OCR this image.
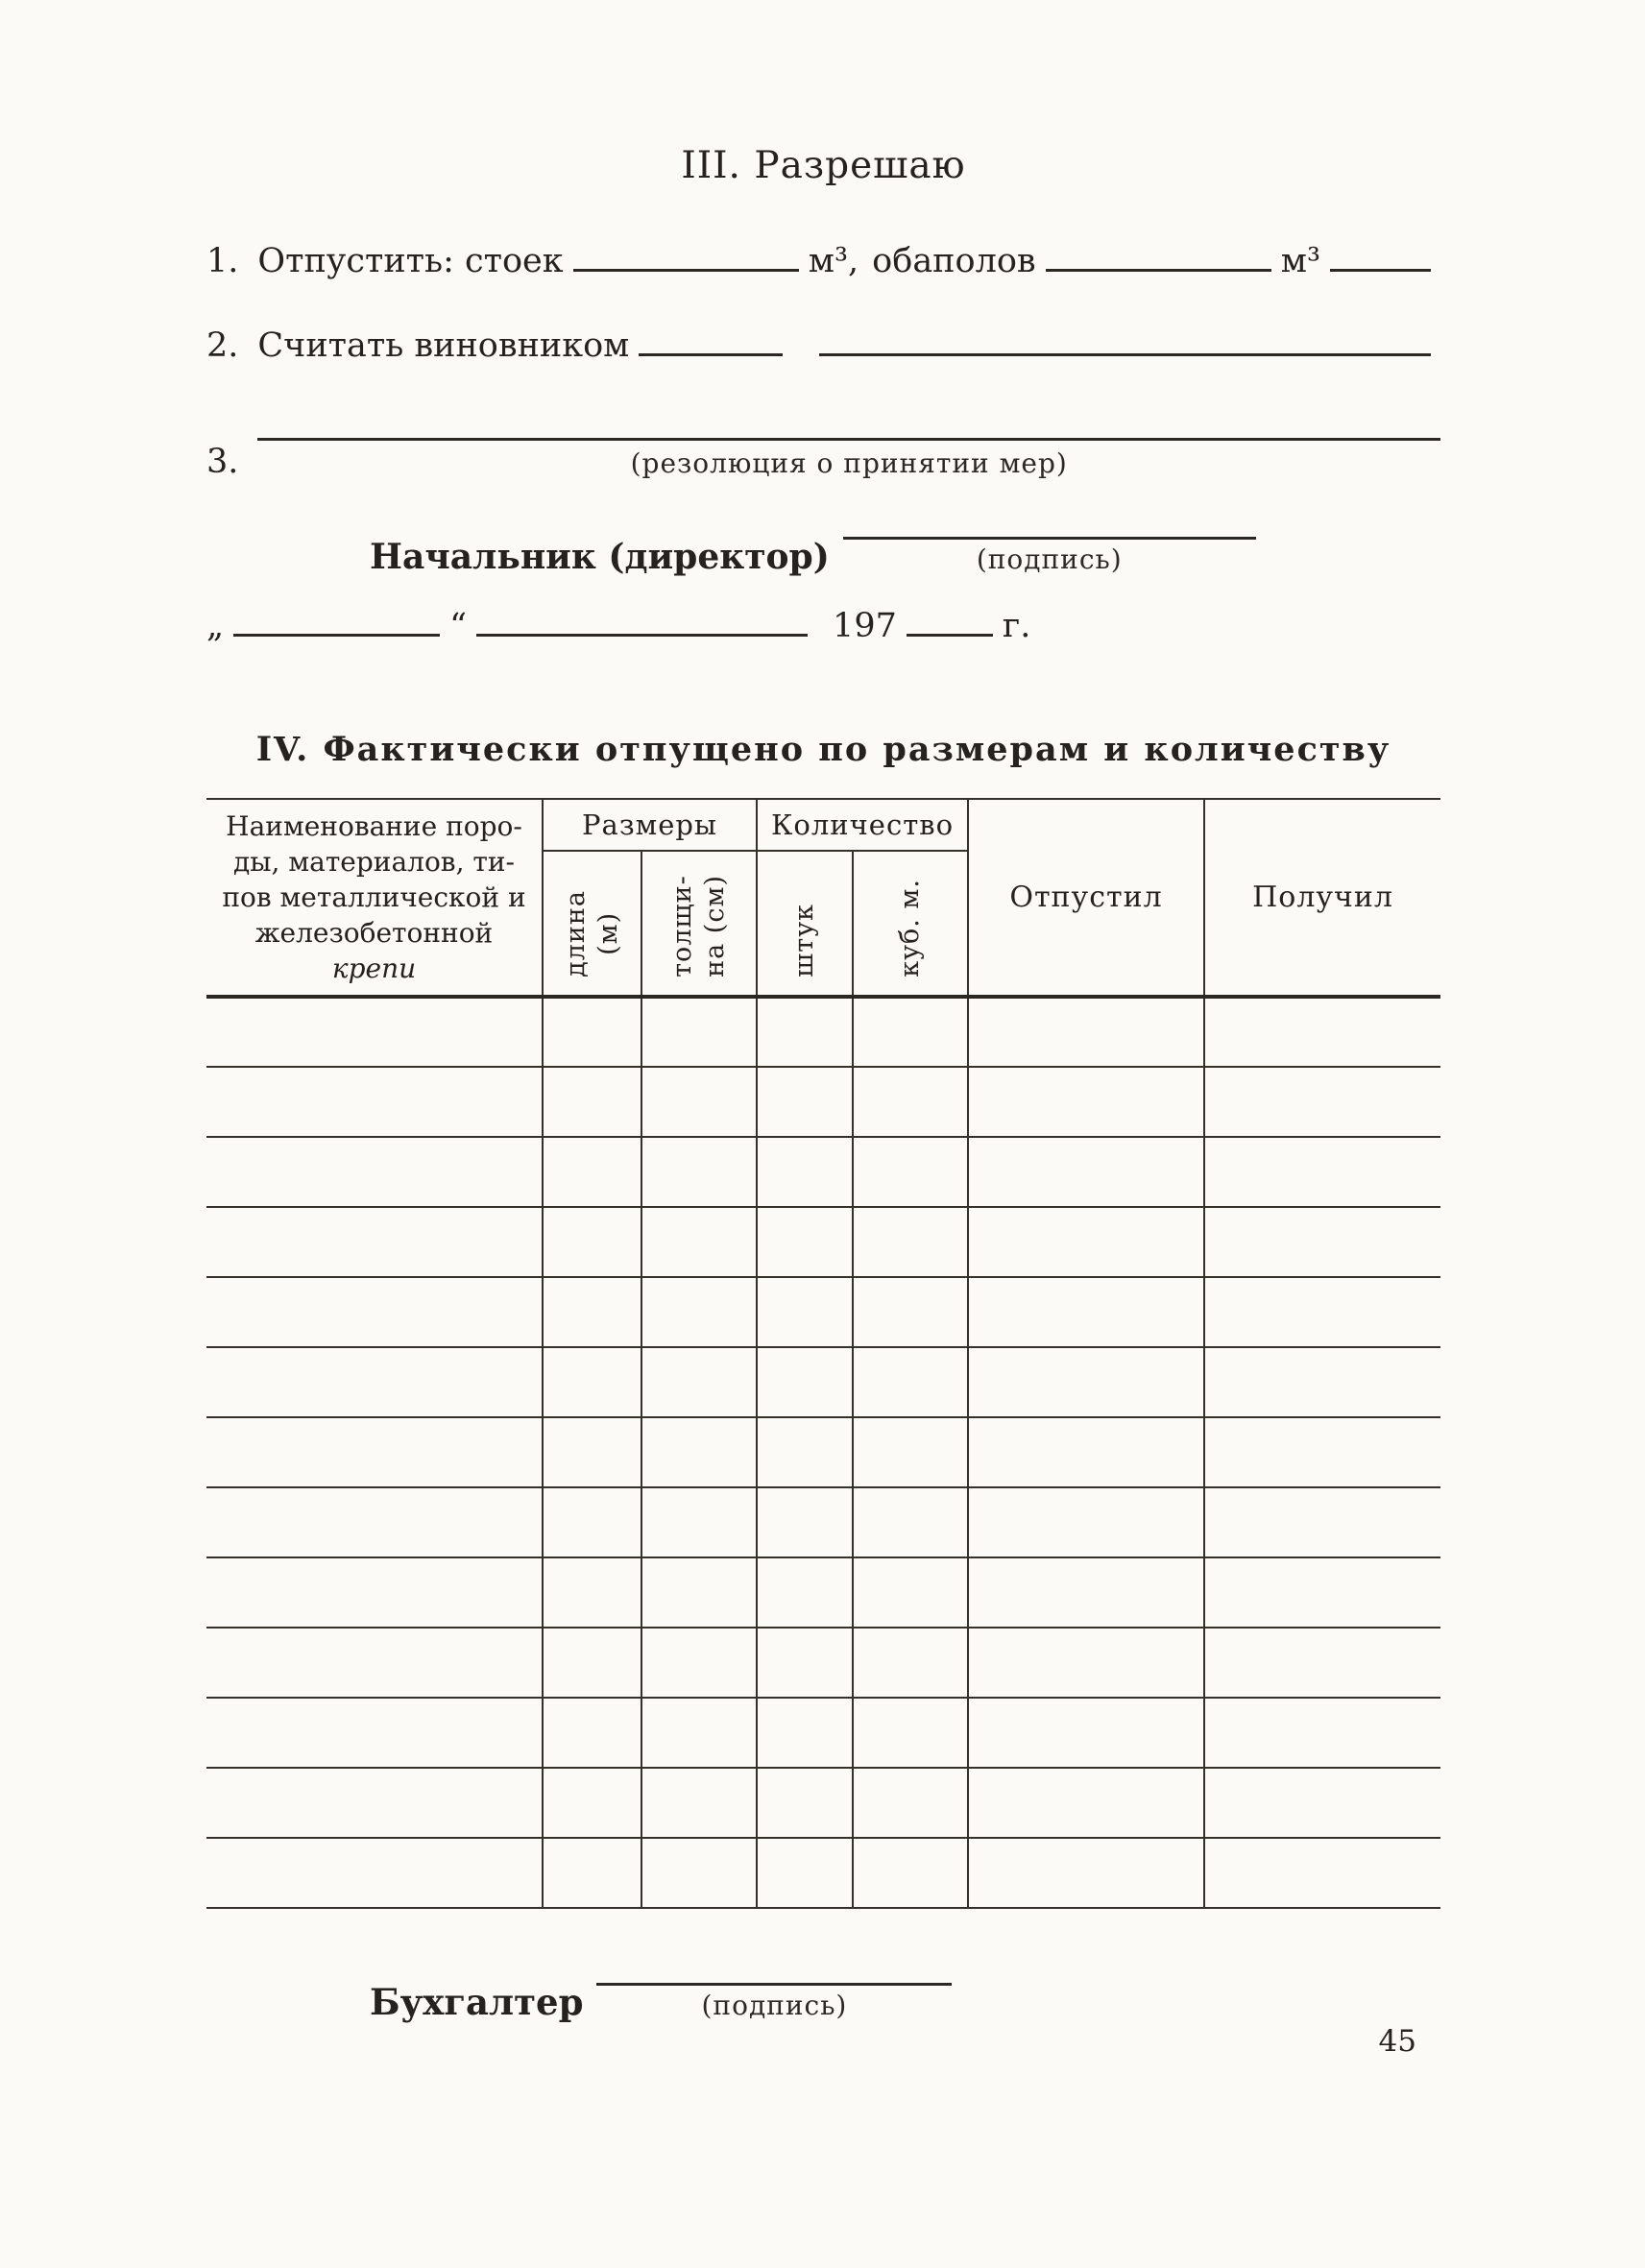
III. Разрешаю
1. Отпустить: стоек	м³, обаполов	м³
2. Считать виновником
3.	(резолюция о принятии мер)
Начальник (директор)	(подпись)
„	“	197	г.
IV. Фактически отпущено по размерам и количеству
Наименование поро-
ды, материалов, ти-
пов металлической и
железобетонной
крепи	Размеры		Количество		Отпустил	Получил

	длина (м)	толщи- на (см)	штук	куб. м.		

Бухгалтер	(подпись)
45
